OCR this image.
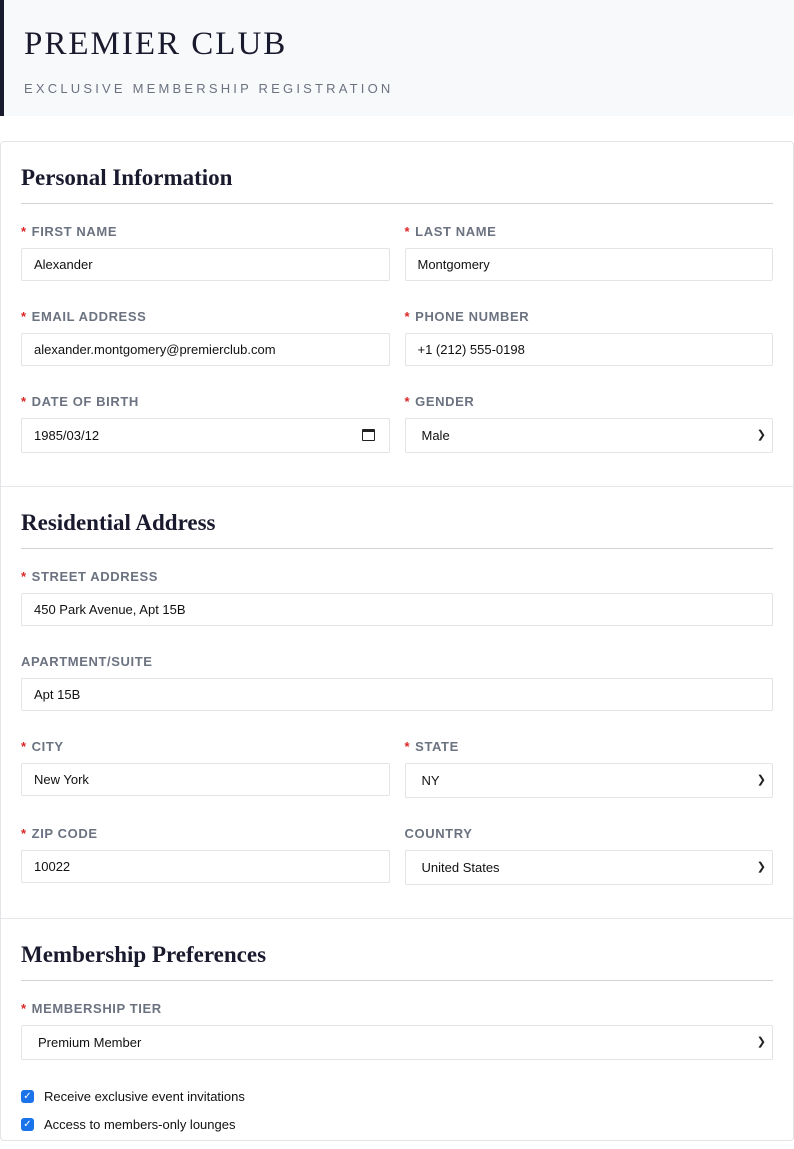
PREMIER CLUB
EXCLUSIVE MEMBERSHIP REGISTRATION
Personal Information
* FIRST NAME
Alexander
* LAST NAME
Montgomery
* EMAIL ADDRESS
alexander.montgomery@premierclub.com
* PHONE NUMBER
+1 (212) 555-0198
* DATE OF BIRTH
1985/03/12
* GENDER
Male	❯
Residential Address
* STREET ADDRESS
450 Park Avenue, Apt 15B
APARTMENT/SUITE
Apt 15B
* CITY
New York
* STATE
NY	❯
* ZIP CODE
10022
COUNTRY
United States	❯
Membership Preferences
* MEMBERSHIP TIER
Premium Member	❯
✓ Receive exclusive event invitations
✓ Access to members-only lounges
